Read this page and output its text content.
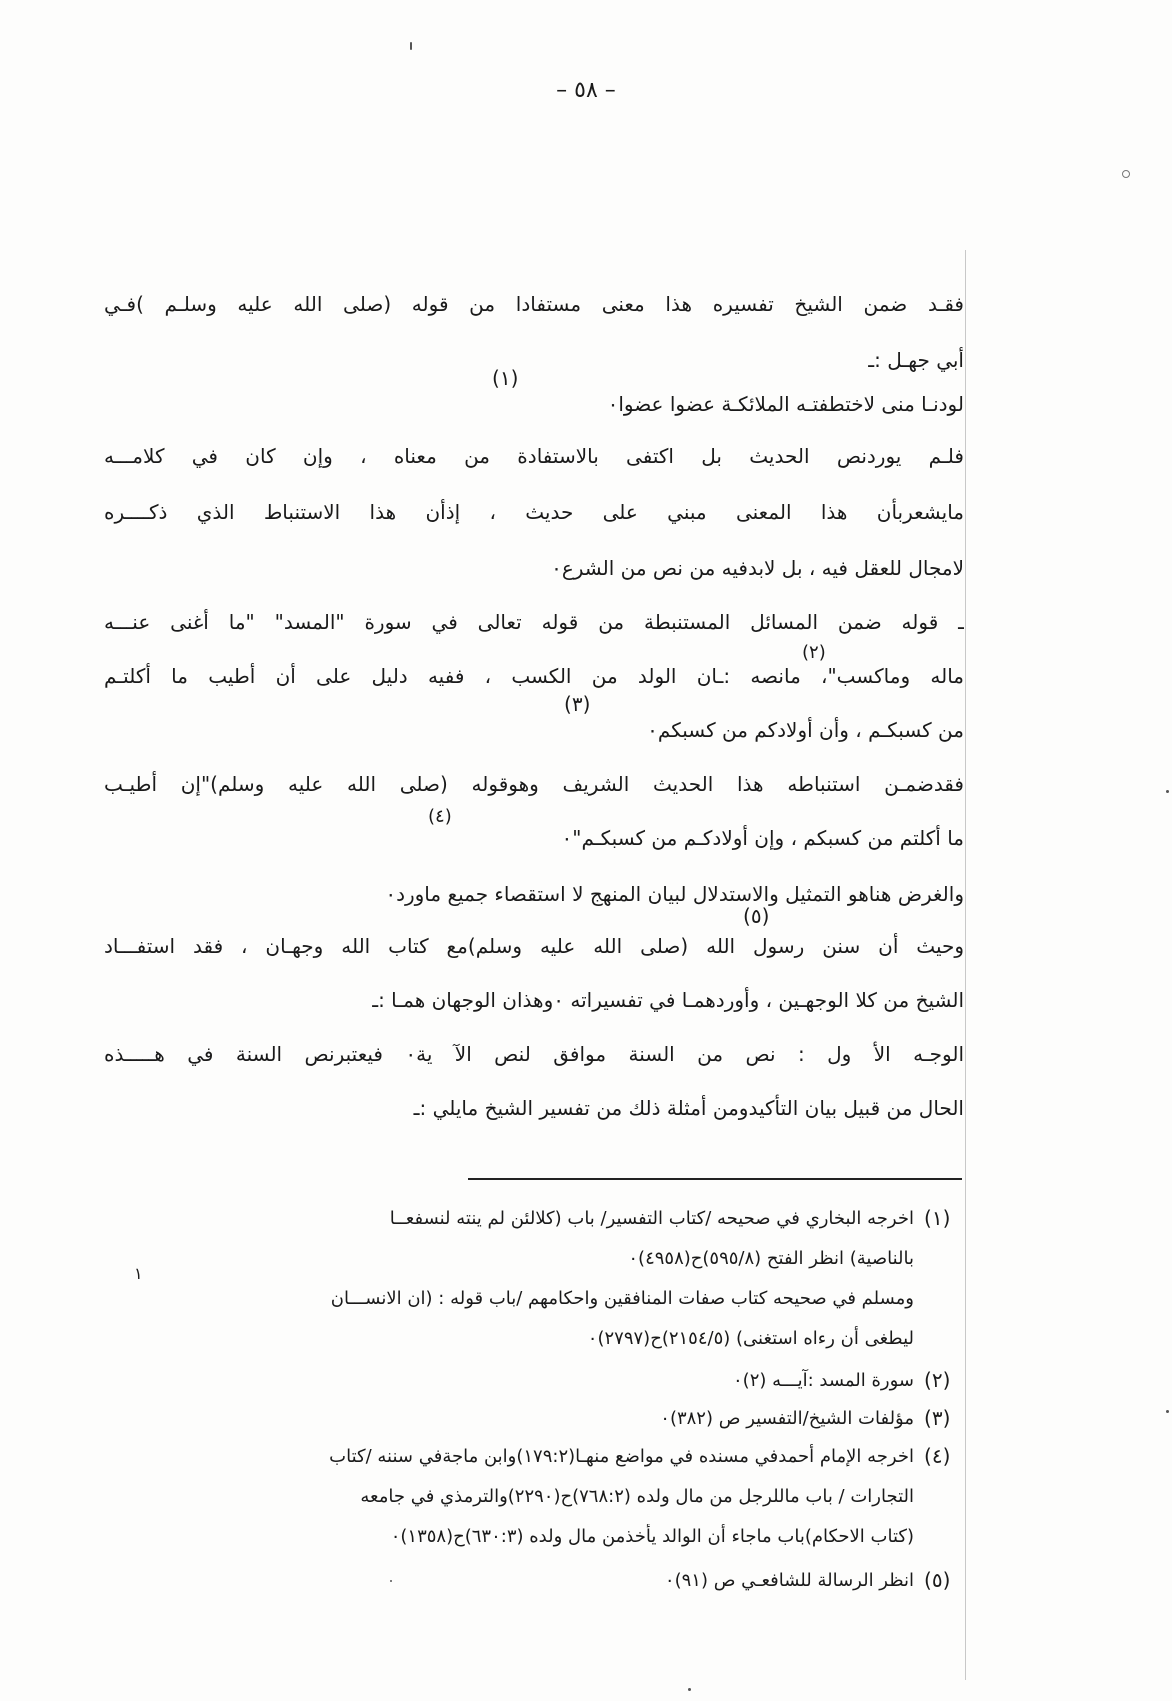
– ٥٨ –
فقـد ضمن الشيخ تفسيره هذا معنى مستفادا من قوله (صلى الله عليه وسلـم )فـي
أبي جهـل :ـ
(١)
لودنـا منى لاختطفتـه الملائكـة عضوا عضوا٠
فلـم يوردنص الحديث بل اكتفى بالاستفادة من معناه ، وإن كان في كلامـــه
مايشعربأن هذا المعنى مبني على حديث ، إذأن هذا الاستنباط الذي ذكــــره
لامجال للعقل فيه ، بل لابدفيه من نص من الشرع٠
ـ قوله ضمن المسائل المستنبطة من قوله تعالى في سورة "المسد" "ما أغنى عنـــه
(٢)
ماله وماكسب"، مانصه :ـان الولد من الكسب ، ففيه دليل على أن أطيب ما أكلتـم
(٣)
من كسبكـم ، وأن أولادكم من كسبكم٠
فقدضمـن استنباطه هذا الحديث الشريف وهوقوله (صلى الله عليه وسلم)"إن أطيـب
(٤)
ما أكلتم من كسبكم ، وإن أولادكـم من كسبكـم"٠
والغرض هناهو التمثيل والاستدلال لبيان المنهج لا استقصاء جميع ماورد٠
(٥)
وحيث أن سنن رسول الله (صلى الله عليه وسلم)مع كتاب الله وجهـان ، فقد استفـــاد
الشيخ من كلا الوجهـين ، وأوردهمـا في تفسيراته ٠وهذان الوجهان همـا :ـ
الوجـه الأ ول : نص من السنة موافق لنص الآ ية٠ فيعتبرنص السنة في هـــــذه
الحال من قبيل بيان التأكيدومن أمثلة ذلك من تفسير الشيخ مايلي :ـ
(١)
اخرجه البخاري في صحيحه /كتاب التفسير/ باب (كلالئن لم ينته لنسفعــا
بالناصية) انظر الفتح (٥٩٥/٨)ح(٤٩٥٨)٠
١
ومسلم في صحيحه كتاب صفات المنافقين واحكامهم /باب قوله : (ان الانســـان
ليطغى أن رءاه استغنى) (٢١٥٤/٥)ح(٢٧٩٧)٠
(٢)
سورة المسد :آيـــه (٢)٠
(٣)
مؤلفات الشيخ/التفسير ص (٣٨٢)٠
(٤)
اخرجه الإمام أحمدفي مسنده في مواضع منهـا(١٧٩:٢)وابن ماجةفي سننه /كتاب
التجارات / باب ماللرجل من مال ولده (٧٦٨:٢)ح(٢٢٩٠)والترمذي في جامعه
(كتاب الاحكام)باب ماجاء أن الوالد يأخذمن مال ولده (٦٣٠:٣)ح(١٣٥٨)٠
(٥)
انظر الرسالة للشافعـي ص (٩١)٠
